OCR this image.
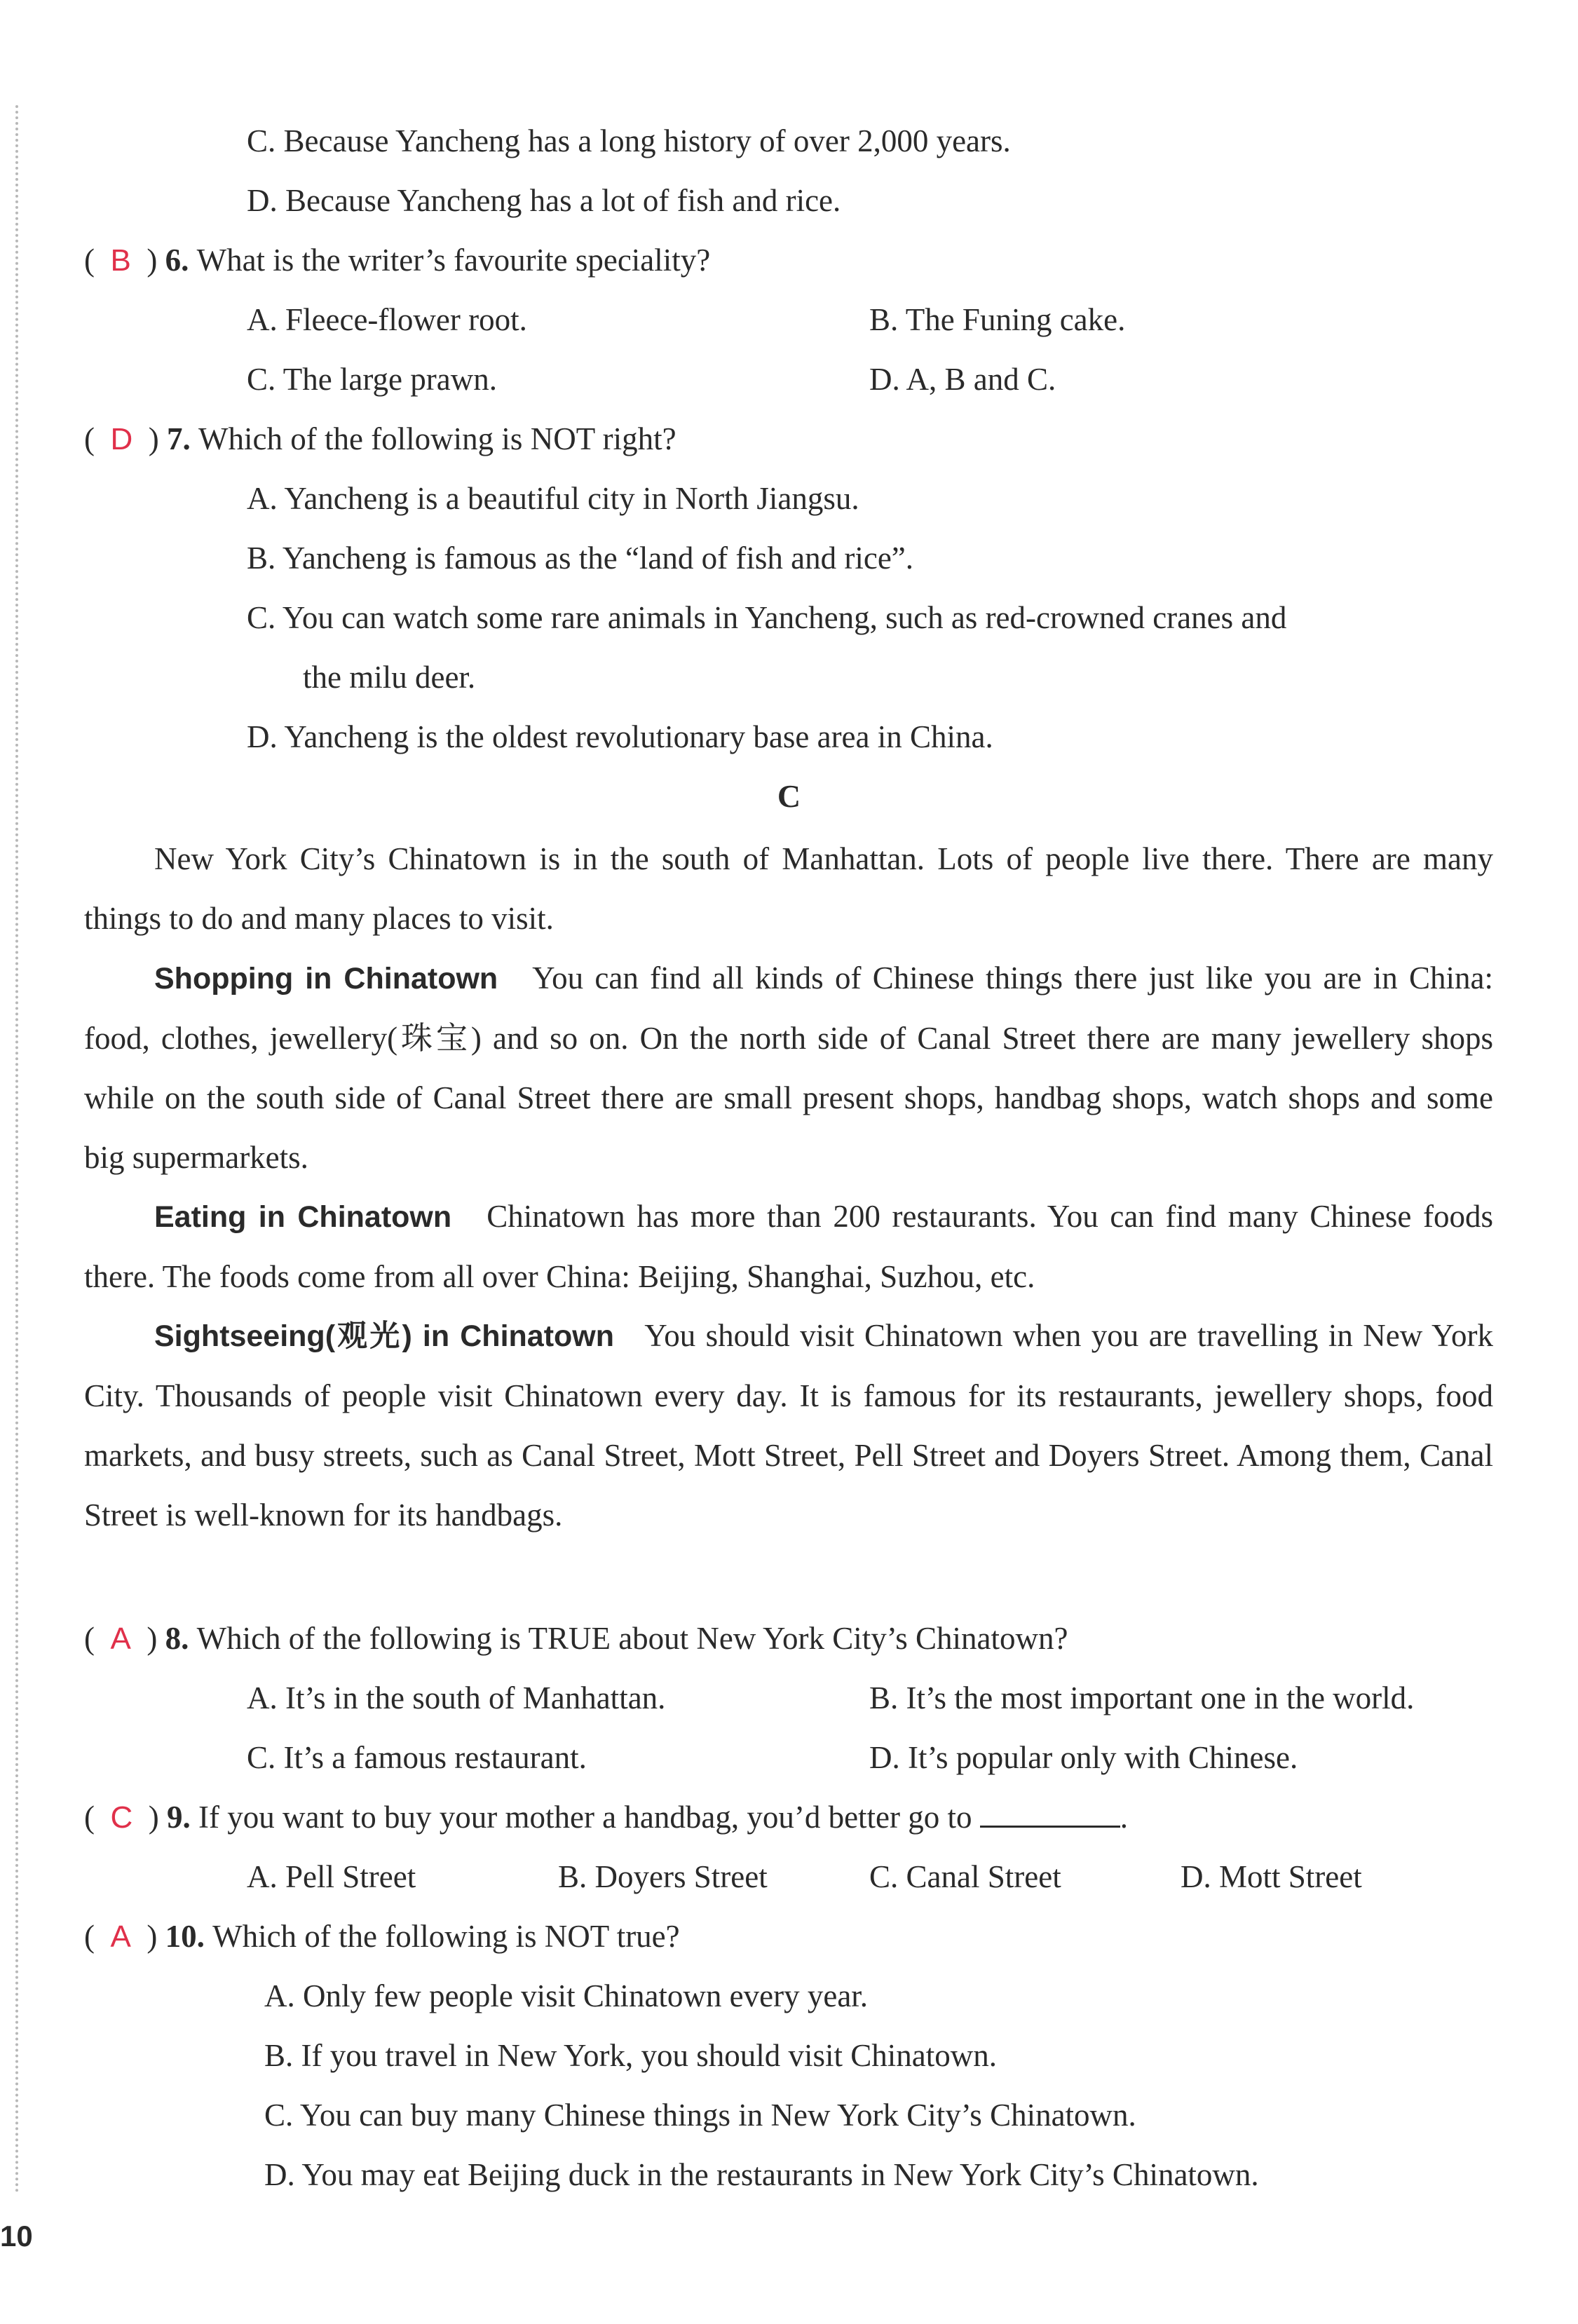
C. Because Yancheng has a long history of over 2,000 years.
D. Because Yancheng has a lot of fish and rice.
(  B  ) 6. What is the writer’s favourite speciality?
A. Fleece-flower root.	B. The Funing cake.
C. The large prawn.	D. A, B and C.
(  D  ) 7. Which of the following is NOT right?
A. Yancheng is a beautiful city in North Jiangsu.
B. Yancheng is famous as the “land of fish and rice”.
C. You can watch some rare animals in Yancheng, such as red-crowned cranes and
the milu deer.
D. Yancheng is the oldest revolutionary base area in China.
C
New York City’s Chinatown is in the south of Manhattan. Lots of people live there. There are many things to do and many places to visit.
Shopping in Chinatown You can find all kinds of Chinese things there just like you are in China: food, clothes, jewellery(珠宝) and so on. On the north side of Canal Street there are many jewellery shops while on the south side of Canal Street there are small present shops, handbag shops, watch shops and some big supermarkets.
Eating in Chinatown Chinatown has more than 200 restaurants. You can find many Chinese foods there. The foods come from all over China: Beijing, Shanghai, Suzhou, etc.
Sightseeing(观光) in Chinatown You should visit Chinatown when you are travelling in New York City. Thousands of people visit Chinatown every day. It is famous for its restaurants, jewellery shops, food markets, and busy streets, such as Canal Street, Mott Street, Pell Street and Doyers Street. Among them, Canal Street is well-known for its handbags.
(  A  ) 8. Which of the following is TRUE about New York City’s Chinatown?
A. It’s in the south of Manhattan.	B. It’s the most important one in the world.
C. It’s a famous restaurant.	D. It’s popular only with Chinese.
(  C  ) 9. If you want to buy your mother a handbag, you’d better go to	.
A. Pell Street	B. Doyers Street	C. Canal Street	D. Mott Street
(  A  ) 10. Which of the following is NOT true?
A. Only few people visit Chinatown every year.
B. If you travel in New York, you should visit Chinatown.
C. You can buy many Chinese things in New York City’s Chinatown.
D. You may eat Beijing duck in the restaurants in New York City’s Chinatown.
10
